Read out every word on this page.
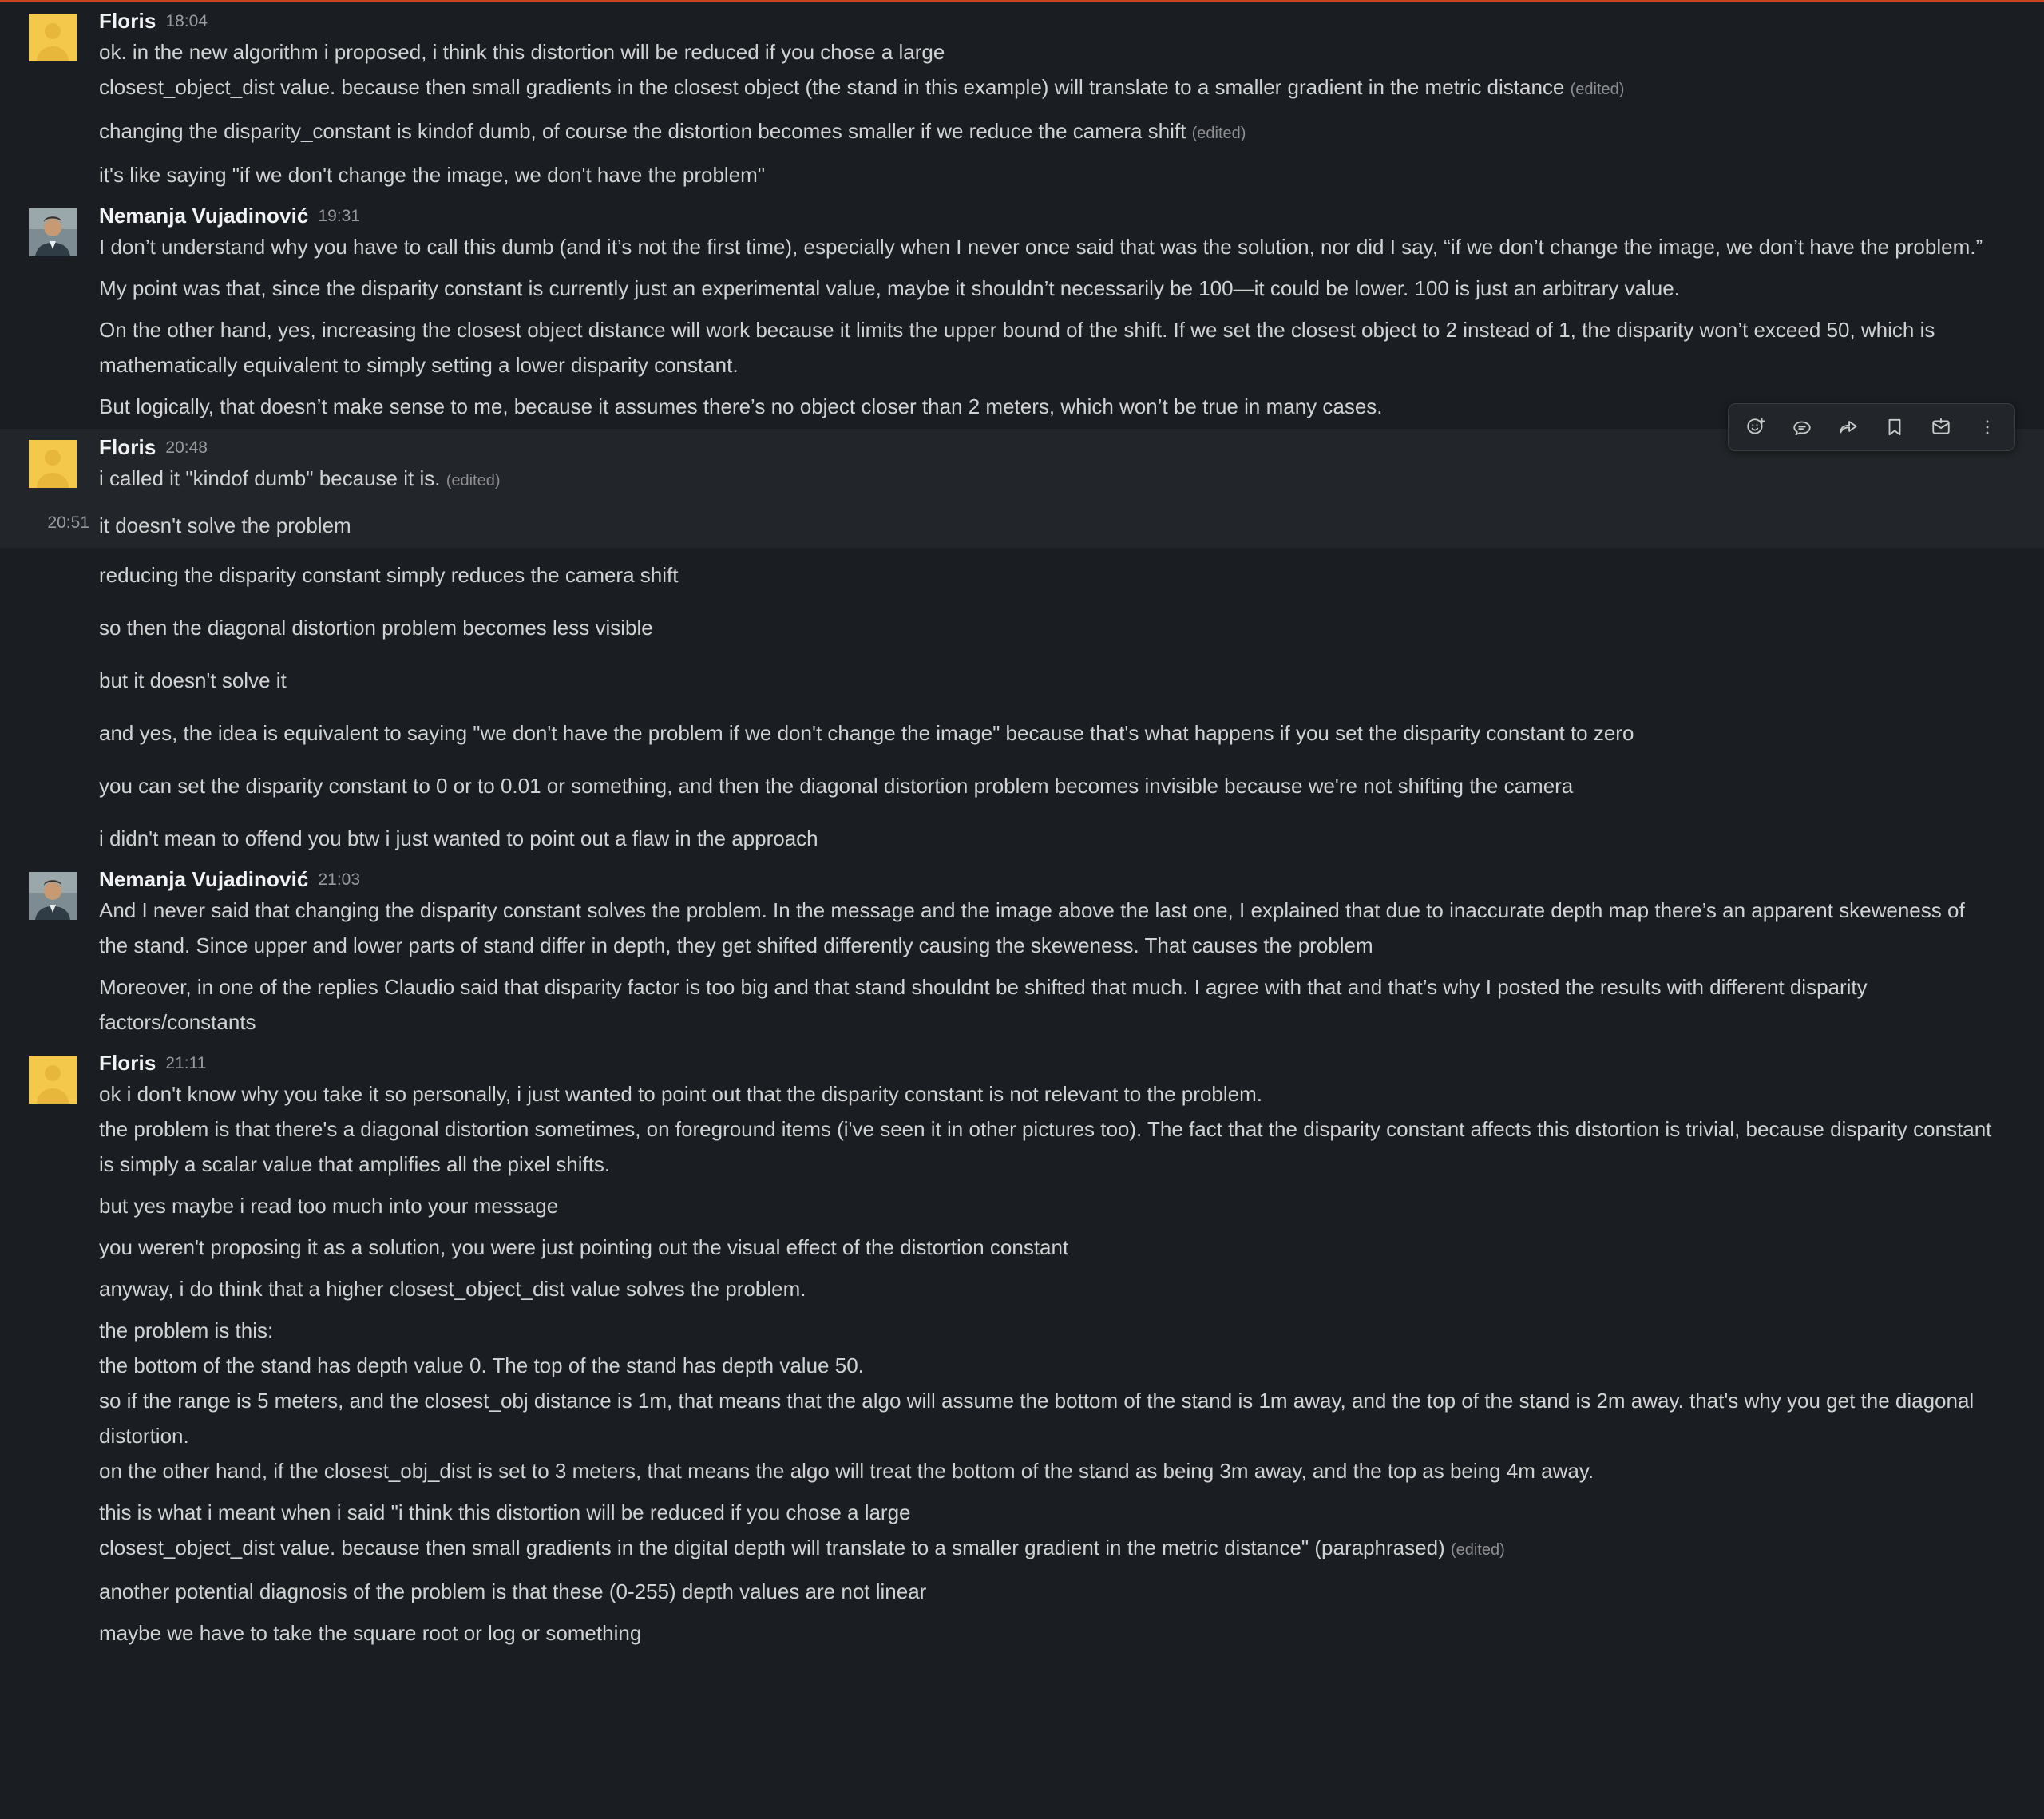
Floris 18:04
ok. in the new algorithm i proposed, i think this distortion will be reduced if you chose a large
closest_object_dist value. because then small gradients in the closest object (the stand in this example) will translate to a smaller gradient in the metric distance (edited)
changing the disparity_constant is kindof dumb, of course the distortion becomes smaller if we reduce the camera shift (edited)
it's like saying "if we don't change the image, we don't have the problem"
Nemanja Vujadinović 19:31
I don’t understand why you have to call this dumb (and it’s not the first time), especially when I never once said that was the solution, nor did I say, “if we don’t change the image, we don’t have the problem.”
My point was that, since the disparity constant is currently just an experimental value, maybe it shouldn’t necessarily be 100—it could be lower. 100 is just an arbitrary value.
On the other hand, yes, increasing the closest object distance will work because it limits the upper bound of the shift. If we set the closest object to 2 instead of 1, the disparity won’t exceed 50, which is mathematically equivalent to simply setting a lower disparity constant.
But logically, that doesn’t make sense to me, because it assumes there’s no object closer than 2 meters, which won’t be true in many cases.
Floris 20:48
i called it "kindof dumb" because it is. (edited)
20:51 it doesn't solve the problem
reducing the disparity constant simply reduces the camera shift
so then the diagonal distortion problem becomes less visible
but it doesn't solve it
and yes, the idea is equivalent to saying "we don't have the problem if we don't change the image" because that's what happens if you set the disparity constant to zero
you can set the disparity constant to 0 or to 0.01 or something, and then the diagonal distortion problem becomes invisible because we're not shifting the camera
i didn't mean to offend you btw i just wanted to point out a flaw in the approach
Nemanja Vujadinović 21:03
And I never said that changing the disparity constant solves the problem. In the message and the image above the last one, I explained that due to inaccurate depth map there’s an apparent skeweness of the stand. Since upper and lower parts of stand differ in depth, they get shifted differently causing the skeweness. That causes the problem
Moreover, in one of the replies Claudio said that disparity factor is too big and that stand shouldnt be shifted that much. I agree with that and that’s why I posted the results with different disparity factors/constants
Floris 21:11
ok i don't know why you take it so personally, i just wanted to point out that the disparity constant is not relevant to the problem.
the problem is that there's a diagonal distortion sometimes, on foreground items (i've seen it in other pictures too). The fact that the disparity constant affects this distortion is trivial, because disparity constant is simply a scalar value that amplifies all the pixel shifts.
but yes maybe i read too much into your message
you weren't proposing it as a solution, you were just pointing out the visual effect of the distortion constant
anyway, i do think that a higher closest_object_dist value solves the problem.
the problem is this:
the bottom of the stand has depth value 0. The top of the stand has depth value 50.
so if the range is 5 meters, and the closest_obj distance is 1m, that means that the algo will assume the bottom of the stand is 1m away, and the top of the stand is 2m away. that's why you get the diagonal distortion.
on the other hand, if the closest_obj_dist is set to 3 meters, that means the algo will treat the bottom of the stand as being 3m away, and the top as being 4m away.
this is what i meant when i said "i think this distortion will be reduced if you chose a large
closest_object_dist value. because then small gradients in the digital depth will translate to a smaller gradient in the metric distance" (paraphrased) (edited)
another potential diagnosis of the problem is that these (0-255) depth values are not linear
maybe we have to take the square root or log or something
